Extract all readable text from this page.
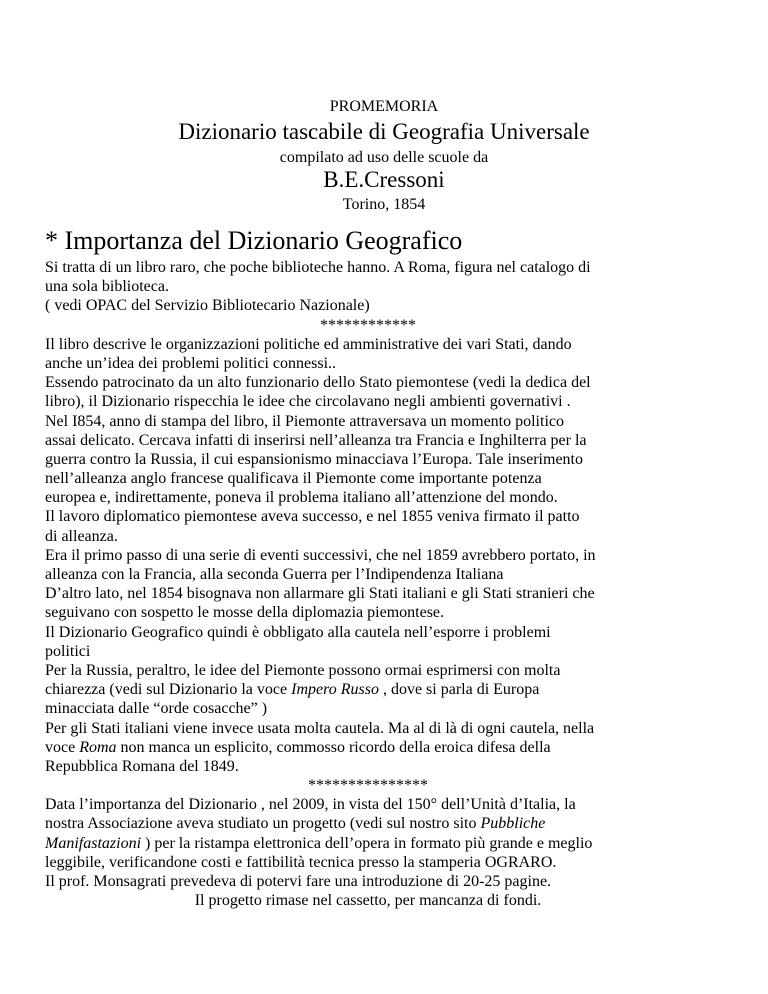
PROMEMORIA
Dizionario tascabile di Geografia Universale
compilato ad uso delle scuole da
B.E.Cressoni
Torino, 1854
* Importanza del Dizionario Geografico
Si tratta di un libro raro, che poche biblioteche hanno. A Roma, figura nel catalogo di
una sola biblioteca.
( vedi OPAC del Servizio Bibliotecario Nazionale)
************
Il libro descrive le organizzazioni politiche ed amministrative dei vari Stati, dando
anche un’idea dei problemi politici connessi..
Essendo patrocinato da un alto funzionario dello Stato piemontese (vedi la dedica del
libro), il Dizionario rispecchia le idee che circolavano negli ambienti governativi .
Nel I854, anno di stampa del libro, il Piemonte attraversava un momento politico
assai delicato. Cercava infatti di inserirsi nell’alleanza tra Francia e Inghilterra per la
guerra contro la Russia, il cui espansionismo minacciava l’Europa. Tale inserimento
nell’alleanza anglo francese qualificava il Piemonte come importante potenza
europea e, indirettamente, poneva il problema italiano all’attenzione del mondo.
Il lavoro diplomatico piemontese aveva successo, e nel 1855 veniva firmato il patto
di alleanza.
Era il primo passo di una serie di eventi successivi, che nel 1859 avrebbero portato, in
alleanza con la Francia, alla seconda Guerra per l’Indipendenza Italiana
D’altro lato, nel 1854 bisognava non allarmare gli Stati italiani e gli Stati stranieri che
seguivano con sospetto le mosse della diplomazia piemontese.
Il Dizionario Geografico quindi è obbligato alla cautela nell’esporre i problemi
politici
Per la Russia, peraltro, le idee del Piemonte possono ormai esprimersi con molta
chiarezza (vedi sul Dizionario la voce Impero Russo , dove si parla di Europa
minacciata dalle “orde cosacche” )
Per gli Stati italiani viene invece usata molta cautela. Ma al di là di ogni cautela, nella
voce Roma non manca un esplicito, commosso ricordo della eroica difesa della
Repubblica Romana del 1849.
***************
Data l’importanza del Dizionario , nel 2009, in vista del 150° dell’Unità d’Italia, la
nostra Associazione aveva studiato un progetto (vedi sul nostro sito Pubbliche
Manifastazioni ) per la ristampa elettronica dell’opera in formato più grande e meglio
leggibile, verificandone costi e fattibilità tecnica presso la stamperia OGRARO.
Il prof. Monsagrati prevedeva di potervi fare una introduzione di 20-25 pagine.
Il progetto rimase nel cassetto, per mancanza di fondi.
